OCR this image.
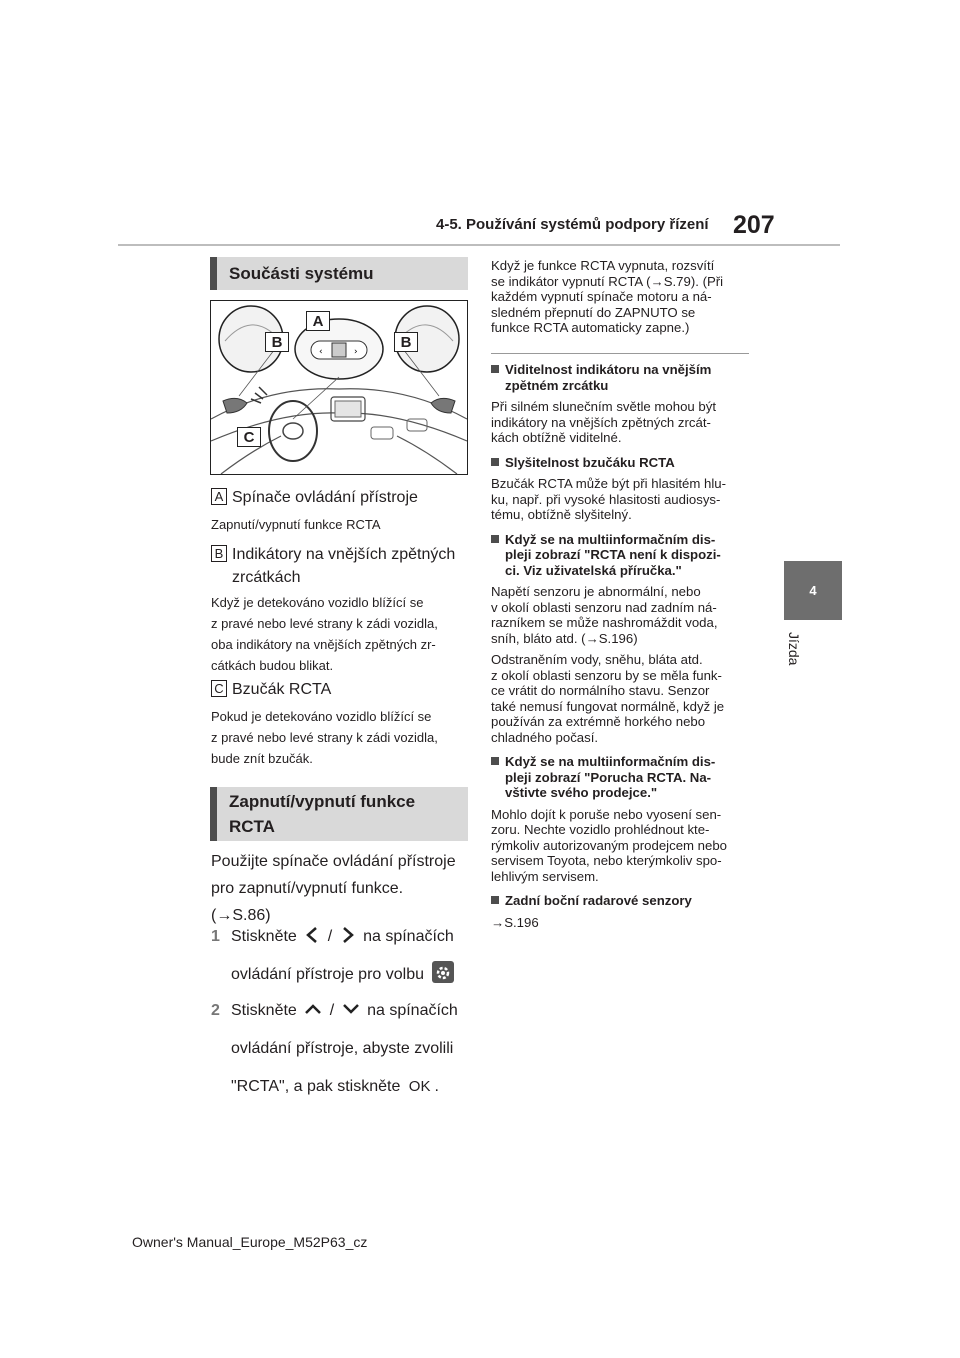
4-5. Používání systémů podpory řízení 207
4
Jízda
Součásti systému
‹	›
A
B	B
C
A Spínače ovládání přístroje
Zapnutí/vypnutí funkce RCTA
B Indikátory na vnějších zpětných
zrcátkách
Když je detekováno vozidlo blížící se
z pravé nebo levé strany k zádi vozidla,
oba indikátory na vnějších zpětných zr-
cátkách budou blikat.
C Bzučák RCTA
Pokud je detekováno vozidlo blížící se
z pravé nebo levé strany k zádi vozidla,
bude znít bzučák.
Zapnutí/vypnutí funkce
RCTA
Použijte spínače ovládání přístroje
pro zapnutí/vypnutí funkce.
(→S.86)
1 Stiskněte / na spínačích
ovládání přístroje pro volbu
2 Stiskněte / na spínačích
ovládání přístroje, abyste zvolili
"RCTA", a pak stiskněte OK .
Když je funkce RCTA vypnuta, rozsvítí
se indikátor vypnutí RCTA (→S.79). (Při
každém vypnutí spínače motoru a ná-
sledném přepnutí do ZAPNUTO se
funkce RCTA automaticky zapne.)
Viditelnost indikátoru na vnějším
zpětném zrcátku
Při silném slunečním světle mohou být
indikátory na vnějších zpětných zrcát-
kách obtížně viditelné.
Slyšitelnost bzučáku RCTA
Bzučák RCTA může být při hlasitém hlu-
ku, např. při vysoké hlasitosti audiosys-
tému, obtížně slyšitelný.
Když se na multiinformačním dis-
pleji zobrazí "RCTA není k dispozi-
ci. Viz uživatelská příručka."
Napětí senzoru je abnormální, nebo
v okolí oblasti senzoru nad zadním ná-
razníkem se může nashromáždit voda,
sníh, bláto atd. (→S.196)
Odstraněním vody, sněhu, bláta atd.
z okolí oblasti senzoru by se měla funk-
ce vrátit do normálního stavu. Senzor
také nemusí fungovat normálně, když je
používán za extrémně horkého nebo
chladného počasí.
Když se na multiinformačním dis-
pleji zobrazí "Porucha RCTA. Na-
vštivte svého prodejce."
Mohlo dojít k poruše nebo vyosení sen-
zoru. Nechte vozidlo prohlédnout kte-
rýmkoliv autorizovaným prodejcem nebo
servisem Toyota, nebo kterýmkoliv spo-
lehlivým servisem.
Zadní boční radarové senzory
→S.196
Owner's Manual_Europe_M52P63_cz
